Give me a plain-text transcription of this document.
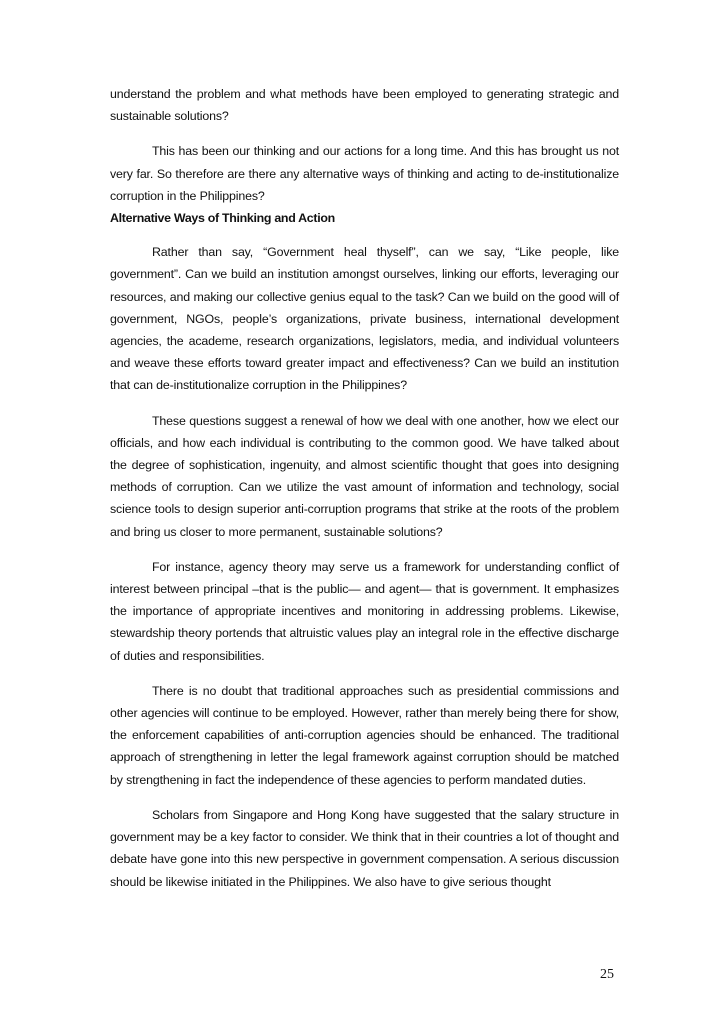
understand the problem and what methods have been employed to generating strategic and sustainable solutions?

This has been our thinking and our actions for a long time. And this has brought us not very far. So therefore are there any alternative ways of thinking and acting to de-institutionalize corruption in the Philippines?

Alternative Ways of Thinking and Action

Rather than say, “Government heal thyself”, can we say, “Like people, like government”. Can we build an institution amongst ourselves, linking our efforts, leveraging our resources, and making our collective genius equal to the task? Can we build on the good will of government, NGOs, people’s organizations, private business, international development agencies, the academe, research organizations, legislators, media, and individual volunteers and weave these efforts toward greater impact and effectiveness? Can we build an institution that can de-institutionalize corruption in the Philippines?

These questions suggest a renewal of how we deal with one another, how we elect our officials, and how each individual is contributing to the common good. We have talked about the degree of sophistication, ingenuity, and almost scientific thought that goes into designing methods of corruption. Can we utilize the vast amount of information and technology, social science tools to design superior anti-corruption programs that strike at the roots of the problem and bring us closer to more permanent, sustainable solutions?

For instance, agency theory may serve us a framework for understanding conflict of interest between principal –that is the public— and agent— that is government. It emphasizes the importance of appropriate incentives and monitoring in addressing problems. Likewise, stewardship theory portends that altruistic values play an integral role in the effective discharge of duties and responsibilities.

There is no doubt that traditional approaches such as presidential commissions and other agencies will continue to be employed. However, rather than merely being there for show, the enforcement capabilities of anti-corruption agencies should be enhanced. The traditional approach of strengthening in letter the legal framework against corruption should be matched by strengthening in fact the independence of these agencies to perform mandated duties.

Scholars from Singapore and Hong Kong have suggested that the salary structure in government may be a key factor to consider. We think that in their countries a lot of thought and debate have gone into this new perspective in government compensation. A serious discussion should be likewise initiated in the Philippines. We also have to give serious thought

25
